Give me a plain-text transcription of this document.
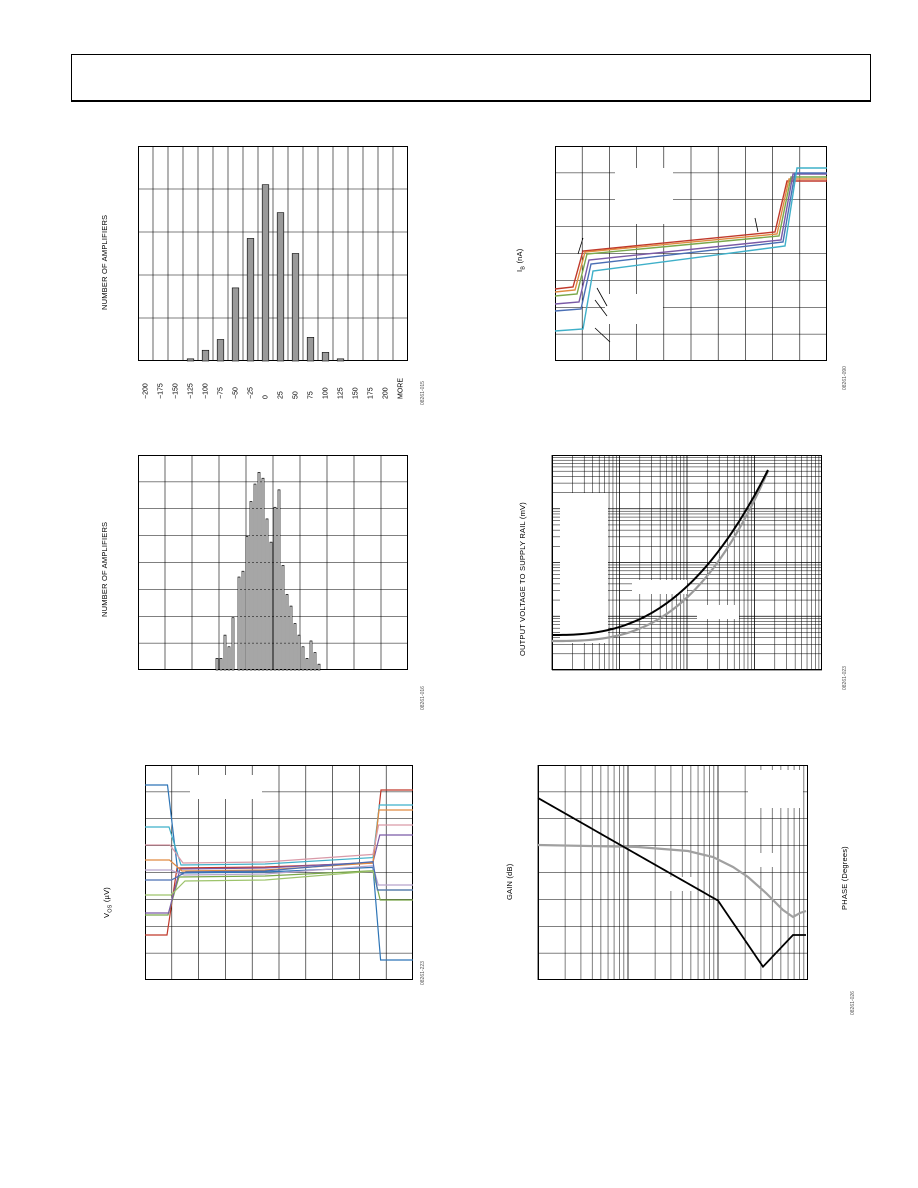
NUMBER OF AMPLIFIERS
−200 −175 −150 −125 −100 −75 −50 −25 0 25 50 75 100 125 150 175 200 MORE	08261-015
NUMBER OF AMPLIFIERS
08261-016
$V_{OS}$ (µV)
08261-223
$I_B$ (nA)
08261-090
OUTPUT VOLTAGE TO SUPPLY RAIL (mV)
08261-023
GAIN (dB)	PHASE (Degrees)
08261-026
